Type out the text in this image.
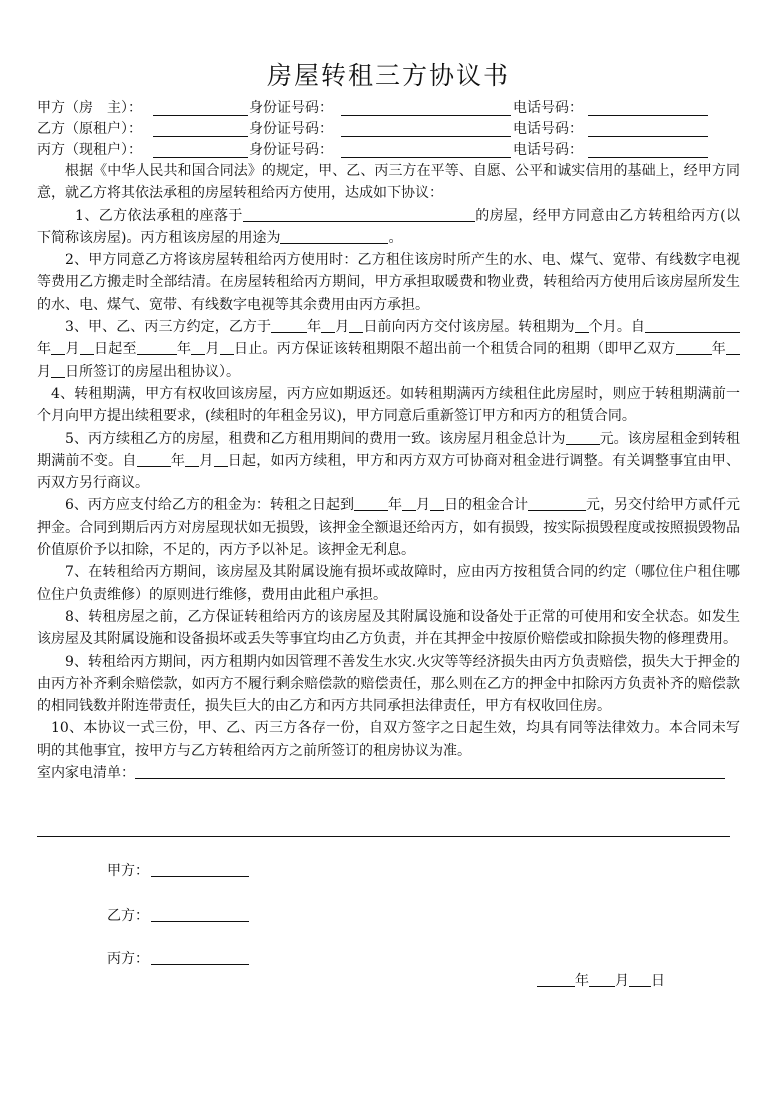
房屋转租三方协议书
甲方（房　主）：	身份证号码：	电话号码：
乙方（原租户）：	身份证号码：	电话号码：
丙方（现租户）：	身份证号码：	电话号码：

根据《中华人民共和国合同法》的规定，甲、乙、丙三方在平等、自愿、公平和诚实信用的基础上，经甲方同意，就乙方将其依法承租的房屋转租给丙方使用，达成如下协议：

1、乙方依法承租的座落于	的房屋，经甲方同意由乙方转租给丙方(以下简称该房屋)。丙方租该房屋的用途为	。

2、甲方同意乙方将该房屋转租给丙方使用时：乙方租住该房时所产生的水、电、煤气、宽带、有线数字电视等费用乙方搬走时全部结清。在房屋转租给丙方期间，甲方承担取暖费和物业费，转租给丙方使用后该房屋所发生的水、电、煤气、宽带、有线数字电视等其余费用由丙方承担。

3、甲、乙、丙三方约定，乙方于	年 月 日前向丙方交付该房屋。转租期为 个月。自年 月 日起至	年 月 日止。丙方保证该转租期限不超出前一个租赁合同的租期（即甲乙双方	年月 日所签订的房屋出租协议）。

4、转租期满，甲方有权收回该房屋，丙方应如期返还。如转租期满丙方续租住此房屋时，则应于转租期满前一个月向甲方提出续租要求，(续租时的年租金另议)，甲方同意后重新签订甲方和丙方的租赁合同。

5、丙方续租乙方的房屋，租费和乙方租用期间的费用一致。该房屋月租金总计为 元。该房屋租金到转租期满前不变。自 年 月 日起，如丙方续租，甲方和丙方双方可协商对租金进行调整。有关调整事宜由甲、丙双方另行商议。

6、丙方应支付给乙方的租金为：转租之日起到 年 月 日的租金合计	元，另交付给甲方贰仟元押金。合同到期后丙方对房屋现状如无损毁，该押金全额退还给丙方，如有损毁，按实际损毁程度或按照损毁物品价值原价予以扣除，不足的，丙方予以补足。该押金无利息。

7、在转租给丙方期间，该房屋及其附属设施有损坏或故障时，应由丙方按租赁合同的约定（哪位住户租住哪位住户负责维修）的原则进行维修，费用由此租户承担。

8、转租房屋之前，乙方保证转租给丙方的该房屋及其附属设施和设备处于正常的可使用和安全状态。如发生该房屋及其附属设施和设备损坏或丢失等事宜均由乙方负责，并在其押金中按原价赔偿或扣除损失物的修理费用。

9、转租给丙方期间，丙方租期内如因管理不善发生水灾.火灾等等经济损失由丙方负责赔偿，损失大于押金的由丙方补齐剩余赔偿款，如丙方不履行剩余赔偿款的赔偿责任，那么则在乙方的押金中扣除丙方负责补齐的赔偿款的相同钱数并附连带责任，损失巨大的由乙方和丙方共同承担法律责任，甲方有权收回住房。

10、本协议一式三份，甲、乙、丙三方各存一份，自双方签字之日起生效，均具有同等法律效力。本合同未写明的其他事宜，按甲方与乙方转租给丙方之前所签订的租房协议为准。

室内家电清单：

甲方：
乙方：
丙方：
年 月 日
